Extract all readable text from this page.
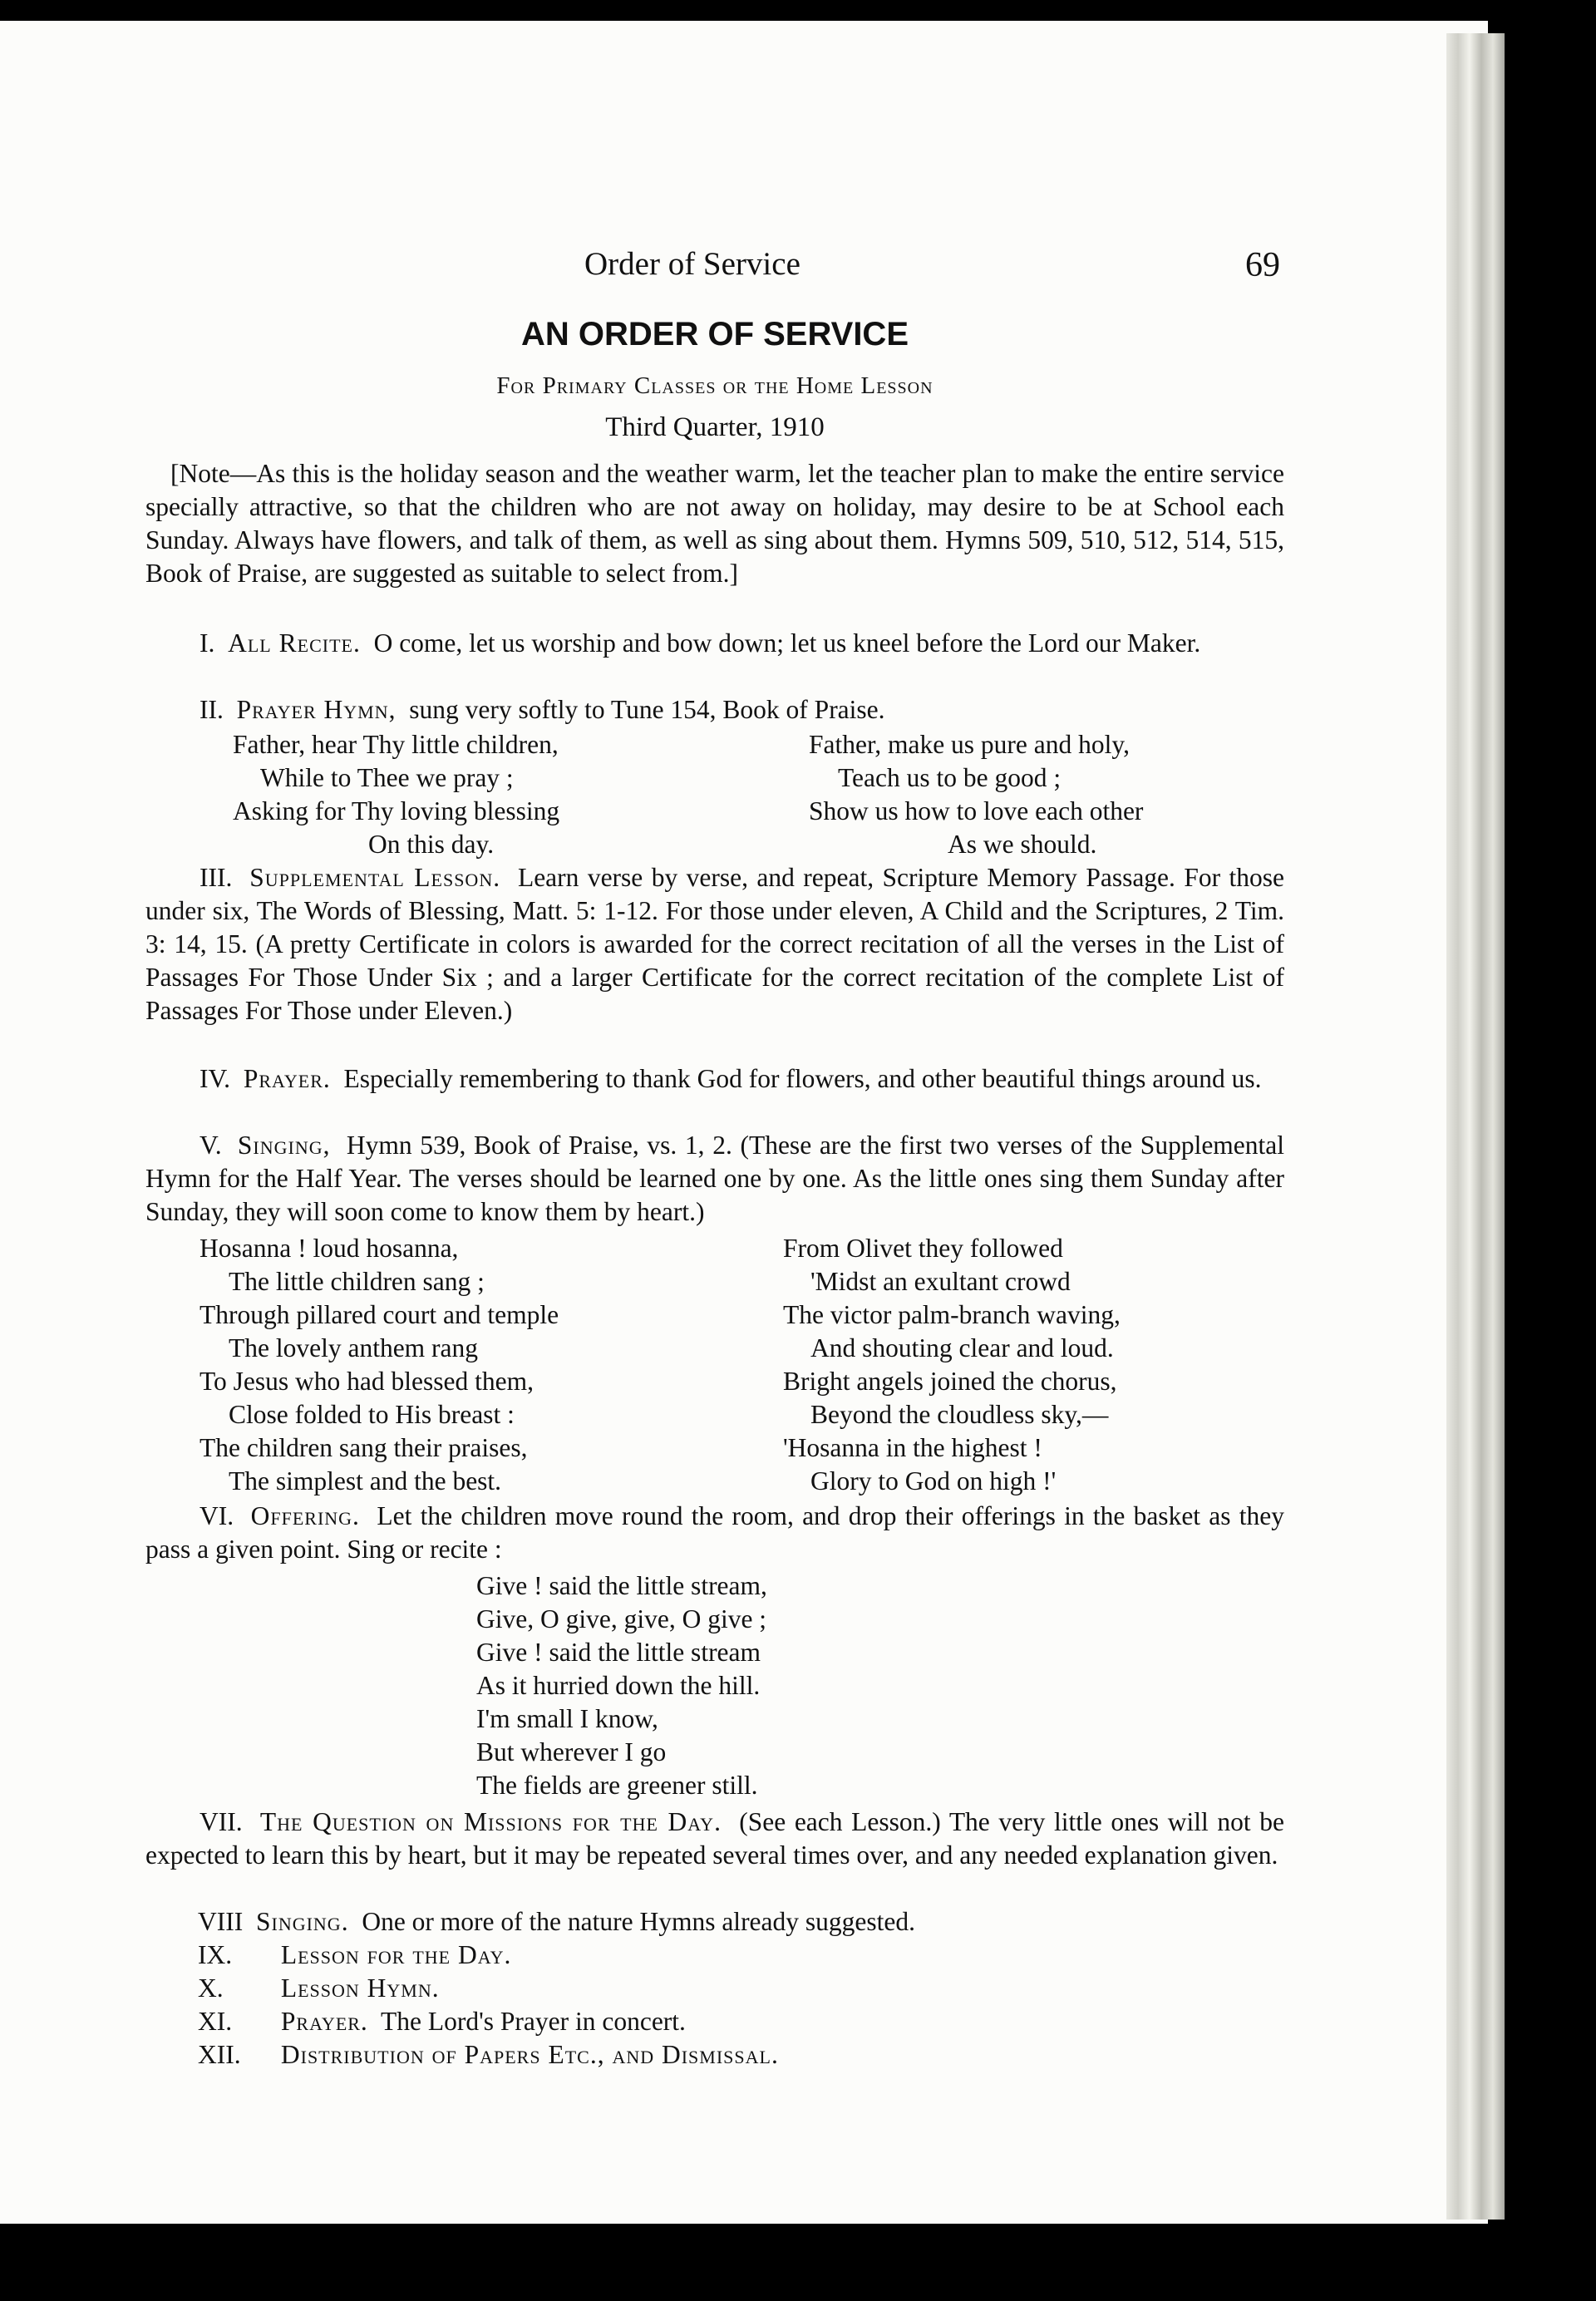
Order of Service	69
AN ORDER OF SERVICE
For Primary Classes or the Home Lesson
Third Quarter, 1910
[Note—As this is the holiday season and the weather warm, let the teacher plan to make the entire service specially attractive, so that the children who are not away on holiday, may desire to be at School each Sunday. Always have flowers, and talk of them, as well as sing about them. Hymns 509, 510, 512, 514, 515, Book of Praise, are suggested as suitable to select from.]
I. All Recite. O come, let us worship and bow down; let us kneel before the Lord our Maker.
II. Prayer Hymn, sung very softly to Tune 154, Book of Praise.
Father, hear Thy little children,
While to Thee we pray ;
Asking for Thy loving blessing
On this day.
Father, make us pure and holy,
Teach us to be good ;
Show us how to love each other
As we should.
III. Supplemental Lesson. Learn verse by verse, and repeat, Scripture Memory Passage. For those under six, The Words of Blessing, Matt. 5: 1-12. For those under eleven, A Child and the Scriptures, 2 Tim. 3: 14, 15. (A pretty Certificate in colors is awarded for the correct recitation of all the verses in the List of Passages For Those Under Six ; and a larger Certificate for the correct recitation of the complete List of Passages For Those under Eleven.)
IV. Prayer. Especially remembering to thank God for flowers, and other beautiful things around us.
V. Singing, Hymn 539, Book of Praise, vs. 1, 2. (These are the first two verses of the Supplemental Hymn for the Half Year. The verses should be learned one by one. As the little ones sing them Sunday after Sunday, they will soon come to know them by heart.)
Hosanna ! loud hosanna,
The little children sang ;
Through pillared court and temple
The lovely anthem rang
To Jesus who had blessed them,
Close folded to His breast :
The children sang their praises,
The simplest and the best.
From Olivet they followed
'Midst an exultant crowd
The victor palm-branch waving,
And shouting clear and loud.
Bright angels joined the chorus,
Beyond the cloudless sky,—
'Hosanna in the highest !
Glory to God on high !'
VI. Offering. Let the children move round the room, and drop their offerings in the basket as they pass a given point. Sing or recite :
Give ! said the little stream,
Give, O give, give, O give ;
Give ! said the little stream
As it hurried down the hill.
I'm small I know,
But wherever I go
The fields are greener still.
VII. The Question on Missions for the Day. (See each Lesson.) The very little ones will not be expected to learn this by heart, but it may be repeated several times over, and any needed explanation given.
VIII Singing. One or more of the nature Hymns already suggested.
IX. Lesson for the Day.
X. Lesson Hymn.
XI. Prayer. The Lord's Prayer in concert.
XII. Distribution of Papers Etc., and Dismissal.
